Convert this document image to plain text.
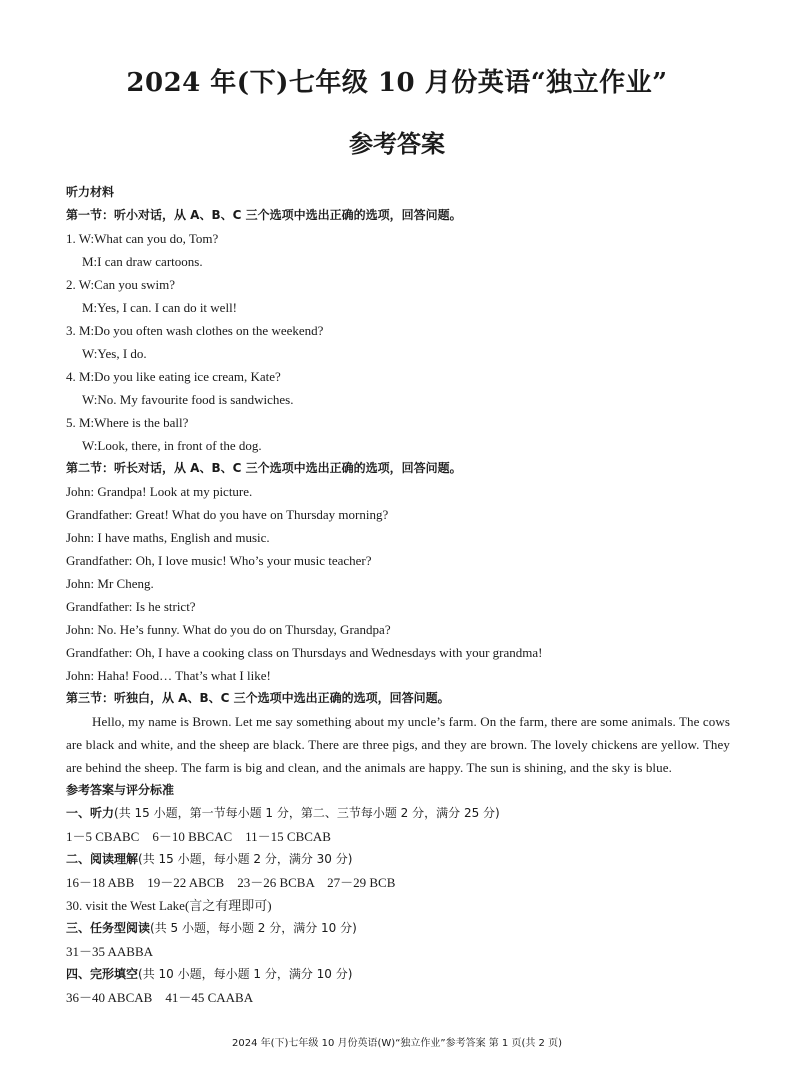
2024 年(下)七年级 10 月份英语“独立作业”
参考答案
听力材料
第一节：听小对话，从 A、B、C 三个选项中选出正确的选项，回答问题。
1. W:What can you do, Tom?
M:I can draw cartoons.
2. W:Can you swim?
M:Yes, I can. I can do it well!
3. M:Do you often wash clothes on the weekend?
W:Yes, I do.
4. M:Do you like eating ice cream, Kate?
W:No. My favourite food is sandwiches.
5. M:Where is the ball?
W:Look, there, in front of the dog.
第二节：听长对话，从 A、B、C 三个选项中选出正确的选项，回答问题。
John: Grandpa! Look at my picture.
Grandfather: Great! What do you have on Thursday morning?
John: I have maths, English and music.
Grandfather: Oh, I love music! Who’s your music teacher?
John: Mr Cheng.
Grandfather: Is he strict?
John: No. He’s funny. What do you do on Thursday, Grandpa?
Grandfather: Oh, I have a cooking class on Thursdays and Wednesdays with your grandma!
John: Haha! Food… That’s what I like!
第三节：听独白，从 A、B、C 三个选项中选出正确的选项，回答问题。
Hello, my name is Brown. Let me say something about my uncle’s farm. On the farm, there are some animals. The cows are black and white, and the sheep are black. There are three pigs, and they are brown. The lovely chickens are yellow. They are behind the sheep. The farm is big and clean, and the animals are happy. The sun is shining, and the sky is blue.
参考答案与评分标准
一、听力(共 15 小题，第一节每小题 1 分，第二、三节每小题 2 分，满分 25 分)
1－5 CBABC    6－10 BBCAC    11－15 CBCAB
二、阅读理解(共 15 小题，每小题 2 分，满分 30 分)
16－18 ABB    19－22 ABCB    23－26 BCBA    27－29 BCB
30. visit the West Lake(言之有理即可)
三、任务型阅读(共 5 小题，每小题 2 分，满分 10 分)
31－35 AABBA
四、完形填空(共 10 小题，每小题 1 分，满分 10 分)
36－40 ABCAB    41－45 CAABA
2024 年(下)七年级 10 月份英语(W)“独立作业”参考答案 第 1 页(共 2 页)
